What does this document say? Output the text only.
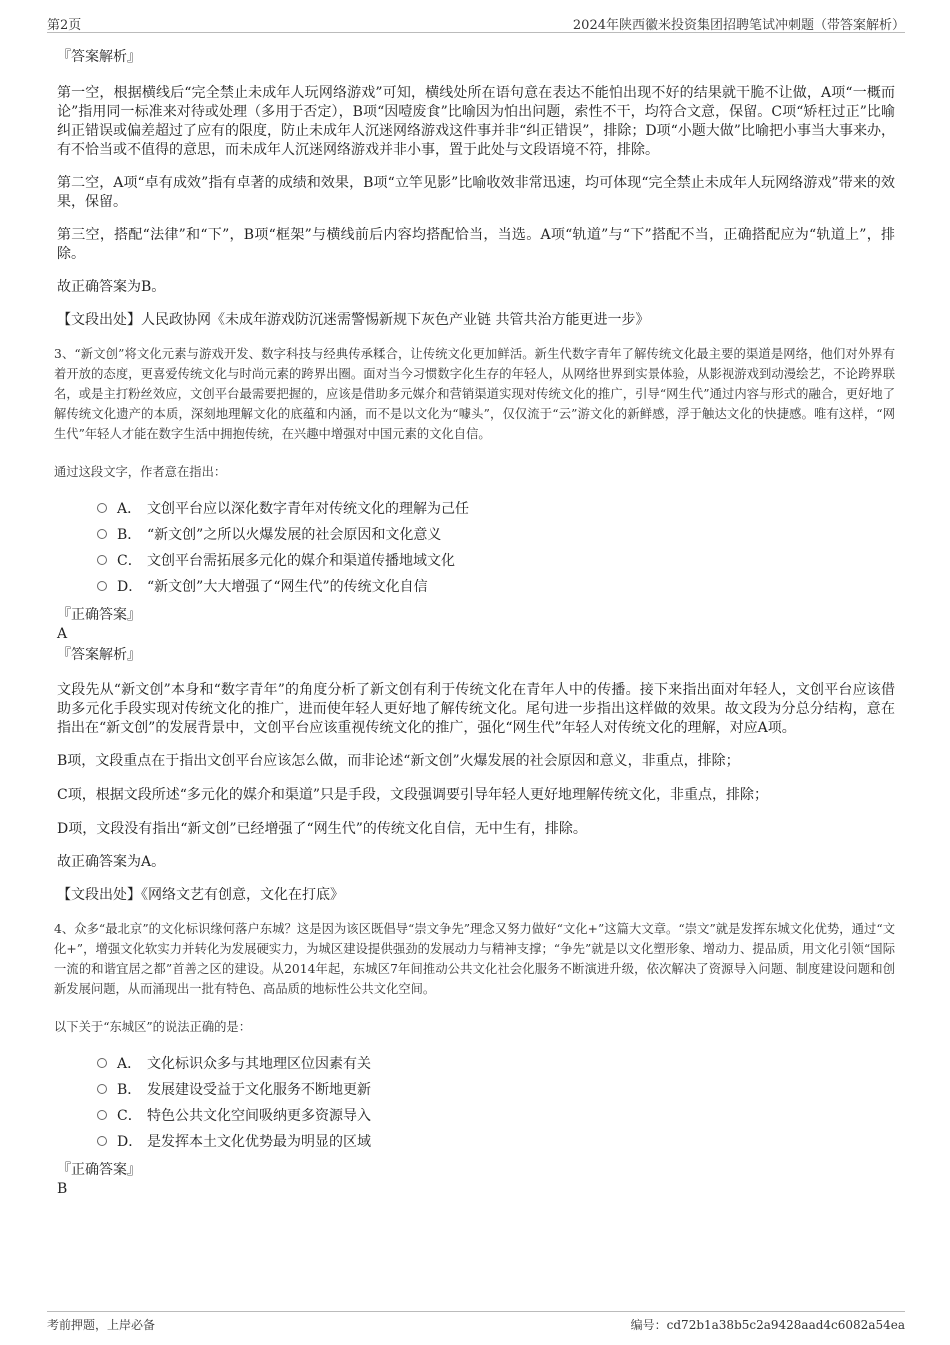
第2页	2024年陕西徽米投资集团招聘笔试冲刺题（带答案解析）

『答案解析』

第一空，根据横线后“完全禁止未成年人玩网络游戏”可知，横线处所在语句意在表达不能怕出现不好的结果就干脆不让做，A项“一概而论”指用同一标准来对待或处理（多用于否定），B项“因噎废食”比喻因为怕出问题，索性不干，均符合文意，保留。C项“矫枉过正”比喻纠正错误或偏差超过了应有的限度，防止未成年人沉迷网络游戏这件事并非“纠正错误”，排除；D项“小题大做”比喻把小事当大事来办，有不恰当或不值得的意思，而未成年人沉迷网络游戏并非小事，置于此处与文段语境不符，排除。

第二空，A项“卓有成效”指有卓著的成绩和效果，B项“立竿见影”比喻收效非常迅速，均可体现“完全禁止未成年人玩网络游戏”带来的效果，保留。

第三空，搭配“法律”和“下”，B项“框架”与横线前后内容均搭配恰当，当选。A项“轨道”与“下”搭配不当，正确搭配应为“轨道上”，排除。

故正确答案为B。

【文段出处】人民政协网《未成年游戏防沉迷需警惕新规下灰色产业链 共管共治方能更进一步》

3、“新文创”将文化元素与游戏开发、数字科技与经典传承糅合，让传统文化更加鲜活。新生代数字青年了解传统文化最主要的渠道是网络，他们对外界有着开放的态度，更喜爱传统文化与时尚元素的跨界出圈。面对当今习惯数字化生存的年轻人，从网络世界到实景体验，从影视游戏到动漫绘艺，不论跨界联名，或是主打粉丝效应，文创平台最需要把握的，应该是借助多元媒介和营销渠道实现对传统文化的推广，引导“网生代”通过内容与形式的融合，更好地了解传统文化遗产的本质，深刻地理解文化的底蕴和内涵，而不是以文化为“噱头”，仅仅流于“云”游文化的新鲜感，浮于触达文化的快捷感。唯有这样，“网生代”年轻人才能在数字生活中拥抱传统，在兴趣中增强对中国元素的文化自信。

通过这段文字，作者意在指出：

A． 文创平台应以深化数字青年对传统文化的理解为己任

B． “新文创”之所以火爆发展的社会原因和文化意义

C． 文创平台需拓展多元化的媒介和渠道传播地域文化

D． “新文创”大大增强了“网生代”的传统文化自信

『正确答案』

A

『答案解析』

文段先从“新文创”本身和“数字青年”的角度分析了新文创有利于传统文化在青年人中的传播。接下来指出面对年轻人，文创平台应该借助多元化手段实现对传统文化的推广，进而使年轻人更好地了解传统文化。尾句进一步指出这样做的效果。故文段为分总分结构，意在指出在“新文创”的发展背景中，文创平台应该重视传统文化的推广，强化“网生代”年轻人对传统文化的理解，对应A项。

B项，文段重点在于指出文创平台应该怎么做，而非论述“新文创”火爆发展的社会原因和意义，非重点，排除；

C项，根据文段所述“多元化的媒介和渠道”只是手段，文段强调要引导年轻人更好地理解传统文化，非重点，排除；

D项，文段没有指出“新文创”已经增强了“网生代”的传统文化自信，无中生有，排除。

故正确答案为A。

【文段出处】《网络文艺有创意，文化在打底》

4、众多“最北京”的文化标识缘何落户东城？这是因为该区既倡导“崇文争先”理念又努力做好“文化+”这篇大文章。“崇文”就是发挥东城文化优势，通过“文化+”，增强文化软实力并转化为发展硬实力，为城区建设提供强劲的发展动力与精神支撑；“争先”就是以文化塑形象、增动力、提品质，用文化引领“国际一流的和谐宜居之都”首善之区的建设。从2014年起，东城区7年间推动公共文化社会化服务不断演进升级，依次解决了资源导入问题、制度建设问题和创新发展问题，从而涌现出一批有特色、高品质的地标性公共文化空间。

以下关于“东城区”的说法正确的是：

A． 文化标识众多与其地理区位因素有关

B． 发展建设受益于文化服务不断地更新

C． 特色公共文化空间吸纳更多资源导入

D． 是发挥本土文化优势最为明显的区域

『正确答案』

B

考前押题，上岸必备	编号：cd72b1a38b5c2a9428aad4c6082a54ea
